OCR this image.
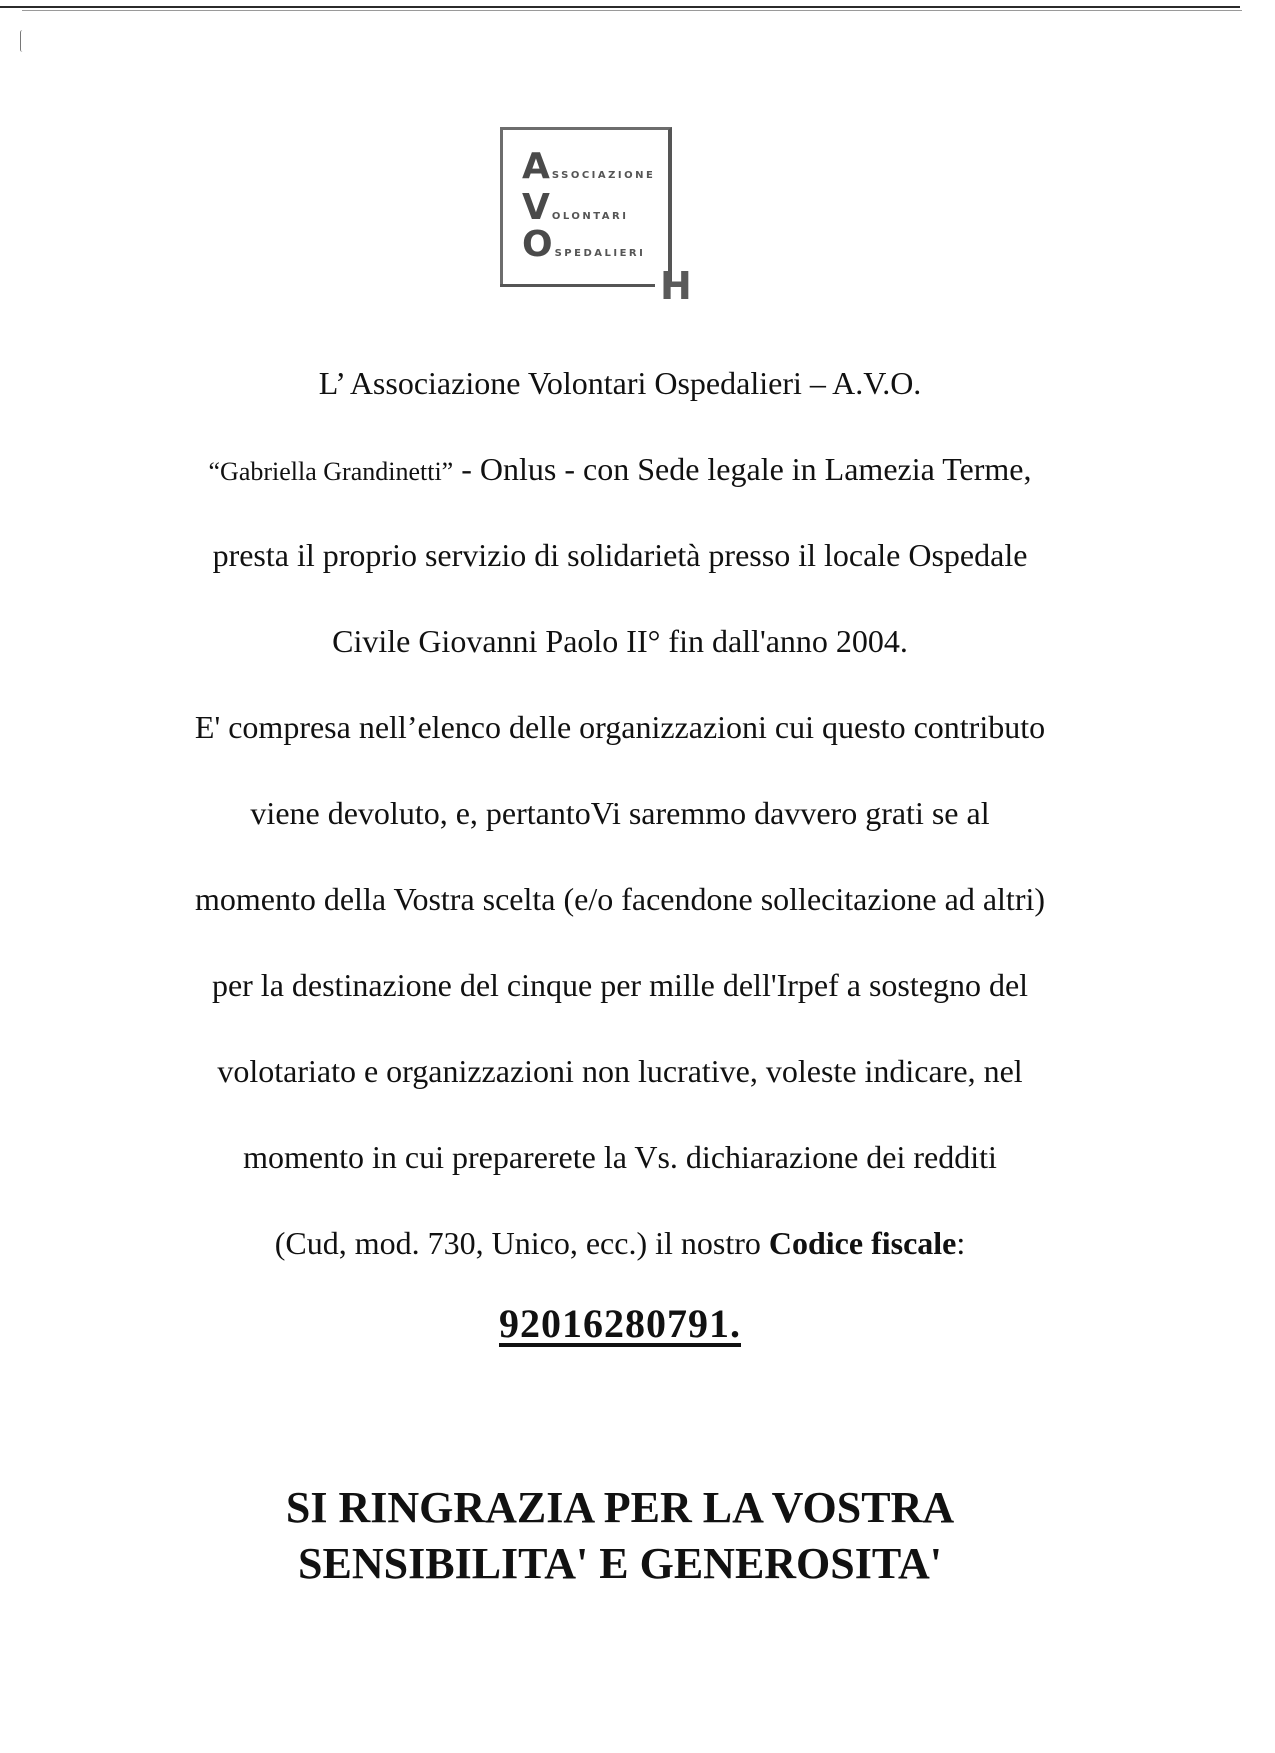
A SSOCIAZIONE
V OLONTARI
O SPEDALIERI
H
L’ Associazione Volontari Ospedalieri – A.V.O.
“Gabriella Grandinetti” - Onlus - con Sede legale in Lamezia Terme,
presta il proprio servizio di solidarietà presso il locale Ospedale
Civile Giovanni Paolo II° fin dall'anno 2004.
E' compresa nell’elenco delle organizzazioni cui questo contributo
viene devoluto, e, pertantoVi saremmo davvero grati se al
momento della Vostra scelta (e/o facendone sollecitazione ad altri)
per la destinazione del cinque per mille dell'Irpef a sostegno del
volotariato e organizzazioni non lucrative, voleste indicare, nel
momento in cui preparerete la Vs. dichiarazione dei redditi
(Cud, mod. 730, Unico, ecc.) il nostro Codice fiscale:
92016280791.
SI RINGRAZIA PER LA VOSTRA
SENSIBILITA' E GENEROSITA'
